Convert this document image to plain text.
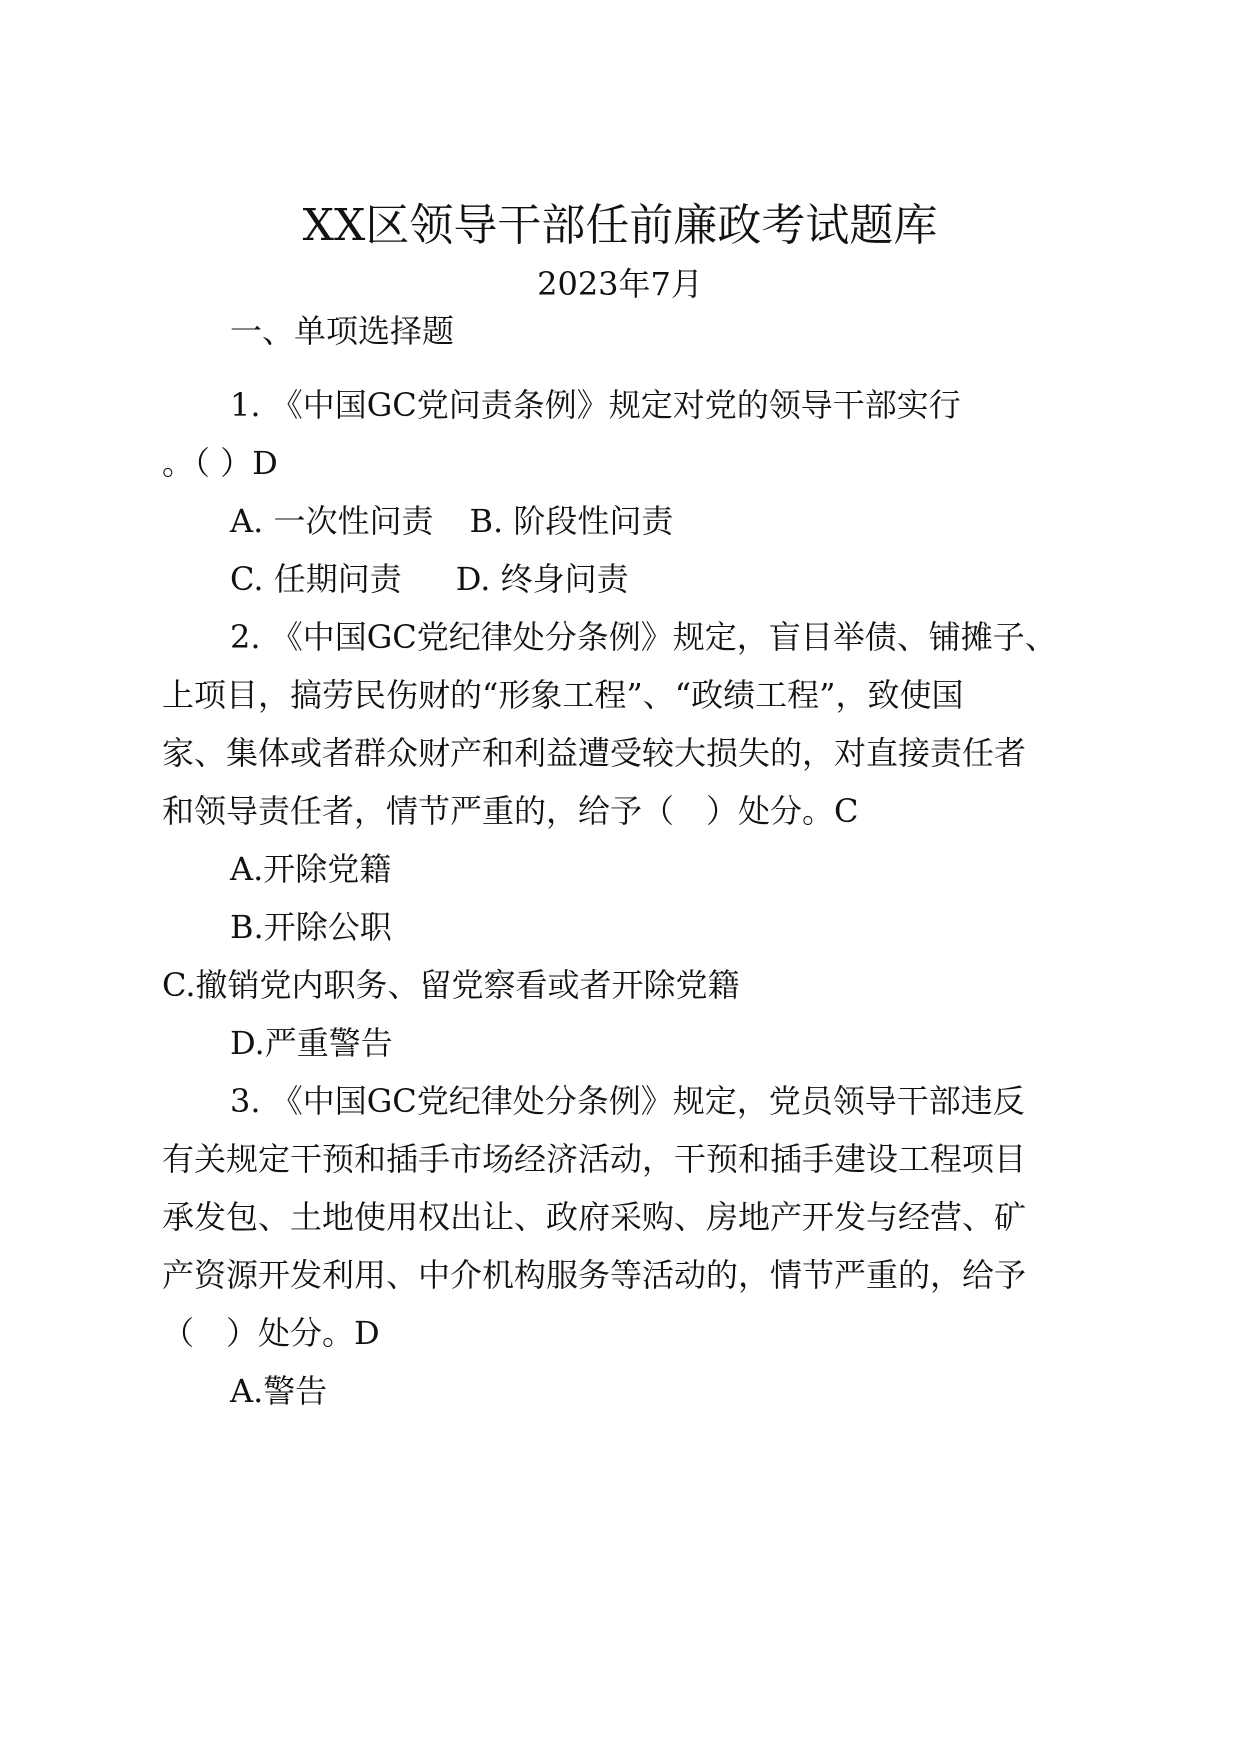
XX区领导干部任前廉政考试题库
2023年7月
一、单项选择题
1. 《中国GC党问责条例》规定对党的领导干部实行
。（ ）D
A. 一次性问责 B. 阶段性问责
C. 任期问责 D. 终身问责
2. 《中国GC党纪律处分条例》规定，盲目举债、铺摊子、
上项目，搞劳民伤财的“形象工程”、“政绩工程”，致使国
家、集体或者群众财产和利益遭受较大损失的，对直接责任者
和领导责任者，情节严重的，给予（　）处分。C
A.开除党籍
B.开除公职
C.撤销党内职务、留党察看或者开除党籍
D.严重警告
3. 《中国GC党纪律处分条例》规定，党员领导干部违反
有关规定干预和插手市场经济活动，干预和插手建设工程项目
承发包、土地使用权出让、政府采购、房地产开发与经营、矿
产资源开发利用、中介机构服务等活动的，情节严重的，给予
（　）处分。D
A.警告
